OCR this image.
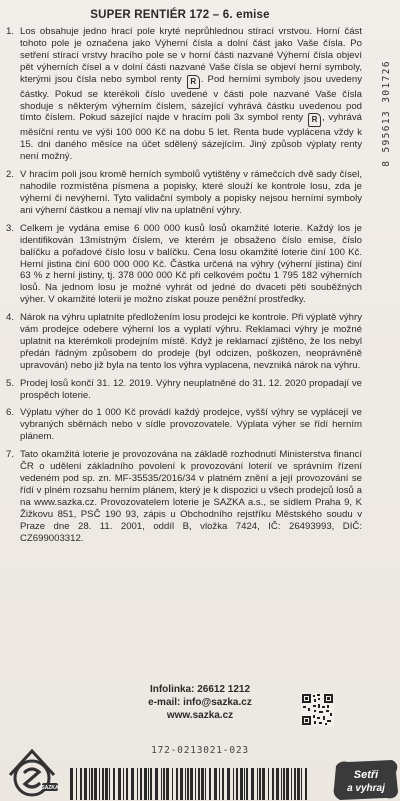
SUPER RENTIÉR 172 – 6. emise
8 595613 301726
1. Los obsahuje jedno hrací pole kryté neprůhlednou stírací vrstvou. Horní část tohoto pole je označena jako Výherní čísla a dolní část jako Vaše čísla. Po setření stírací vrstvy hracího pole se v horní části nazvané Výherní čísla objeví pět výherních čísel a v dolní části nazvané Vaše čísla se objeví herní symboly, kterými jsou čísla nebo symbol renty R . Pod herními symboly jsou uvedeny částky. Pokud se kterékoli číslo uvedené v části pole nazvané Vaše čísla shoduje s některým výherním číslem, sázející vyhrává částku uvedenou pod tímto číslem. Pokud sázející najde v hracím poli 3x symbol renty R , vyhrává měsíční rentu ve výši 100 000 Kč na dobu 5 let. Renta bude vyplácena vždy k 15. dni daného měsíce na účet sdělený sázejícím. Jiný způsob výplaty renty není možný.
2. V hracím poli jsou kromě herních symbolů vytištěny v rámečcích dvě sady čísel, nahodile rozmístěna písmena a popisky, které slouží ke kontrole losu, zda je výherní či nevýherní. Tyto validační symboly a popisky nejsou herními symboly ani výherní částkou a nemají vliv na uplatnění výhry.
3. Celkem je vydána emise 6 000 000 kusů losů okamžité loterie. Každý los je identifikován 13místným číslem, ve kterém je obsaženo číslo emise, číslo balíčku a pořadové číslo losu v balíčku. Cena losu okamžité loterie činí 100 Kč. Herní jistina činí 600 000 000 Kč. Částka určená na výhry (výherní jistina) činí 63 % z herní jistiny, tj. 378 000 000 Kč při celkovém počtu 1 795 182 výherních losů. Na jednom losu je možné vyhrát od jedné do dvaceti pěti souběžných výher. V okamžité loterii je možno získat pouze peněžní prostředky.
4. Nárok na výhru uplatníte předložením losu prodejci ke kontrole. Při výplatě výhry vám prodejce odebere výherní los a vyplatí výhru. Reklamaci výhry je možné uplatnit na kterémkoli prodejním místě. Když je reklamací zjištěno, že los nebyl předán řádným způsobem do prodeje (byl odcizen, poškozen, neoprávněně upravován) nebo již byla na tento los výhra vyplacena, nevzniká nárok na výhru.
5. Prodej losů končí 31. 12. 2019. Výhry neuplatněné do 31. 12. 2020 propadají ve prospěch loterie.
6. Výplatu výher do 1 000 Kč provádí každý prodejce, vyšší výhry se vyplácejí ve vybraných sběrnách nebo v sídle provozovatele. Výplata výher se řídí herním plánem.
7. Tato okamžitá loterie je provozována na základě rozhodnutí Ministerstva financí ČR o udělení základního povolení k provozování loterií ve správním řízení vedeném pod sp. zn. MF-35535/2016/34 v platném znění a její provozování se řídí v plném rozsahu herním plánem, který je k dispozici u všech prodejců losů a na www.sazka.cz. Provozovatelem loterie je SAZKA a.s., se sídlem Praha 9, K Žižkovu 851, PSČ 190 93, zápis u Obchodního rejstříku Městského soudu v Praze dne 28. 11. 2001, oddíl B, vložka 7424, IČ: 26493993, DIČ: CZ699003312.
Infolinka: 26612 1212
e-mail: info@sazka.cz
www.sazka.cz
172-0213021-023
SAZKA
Setři
a vyhraj
